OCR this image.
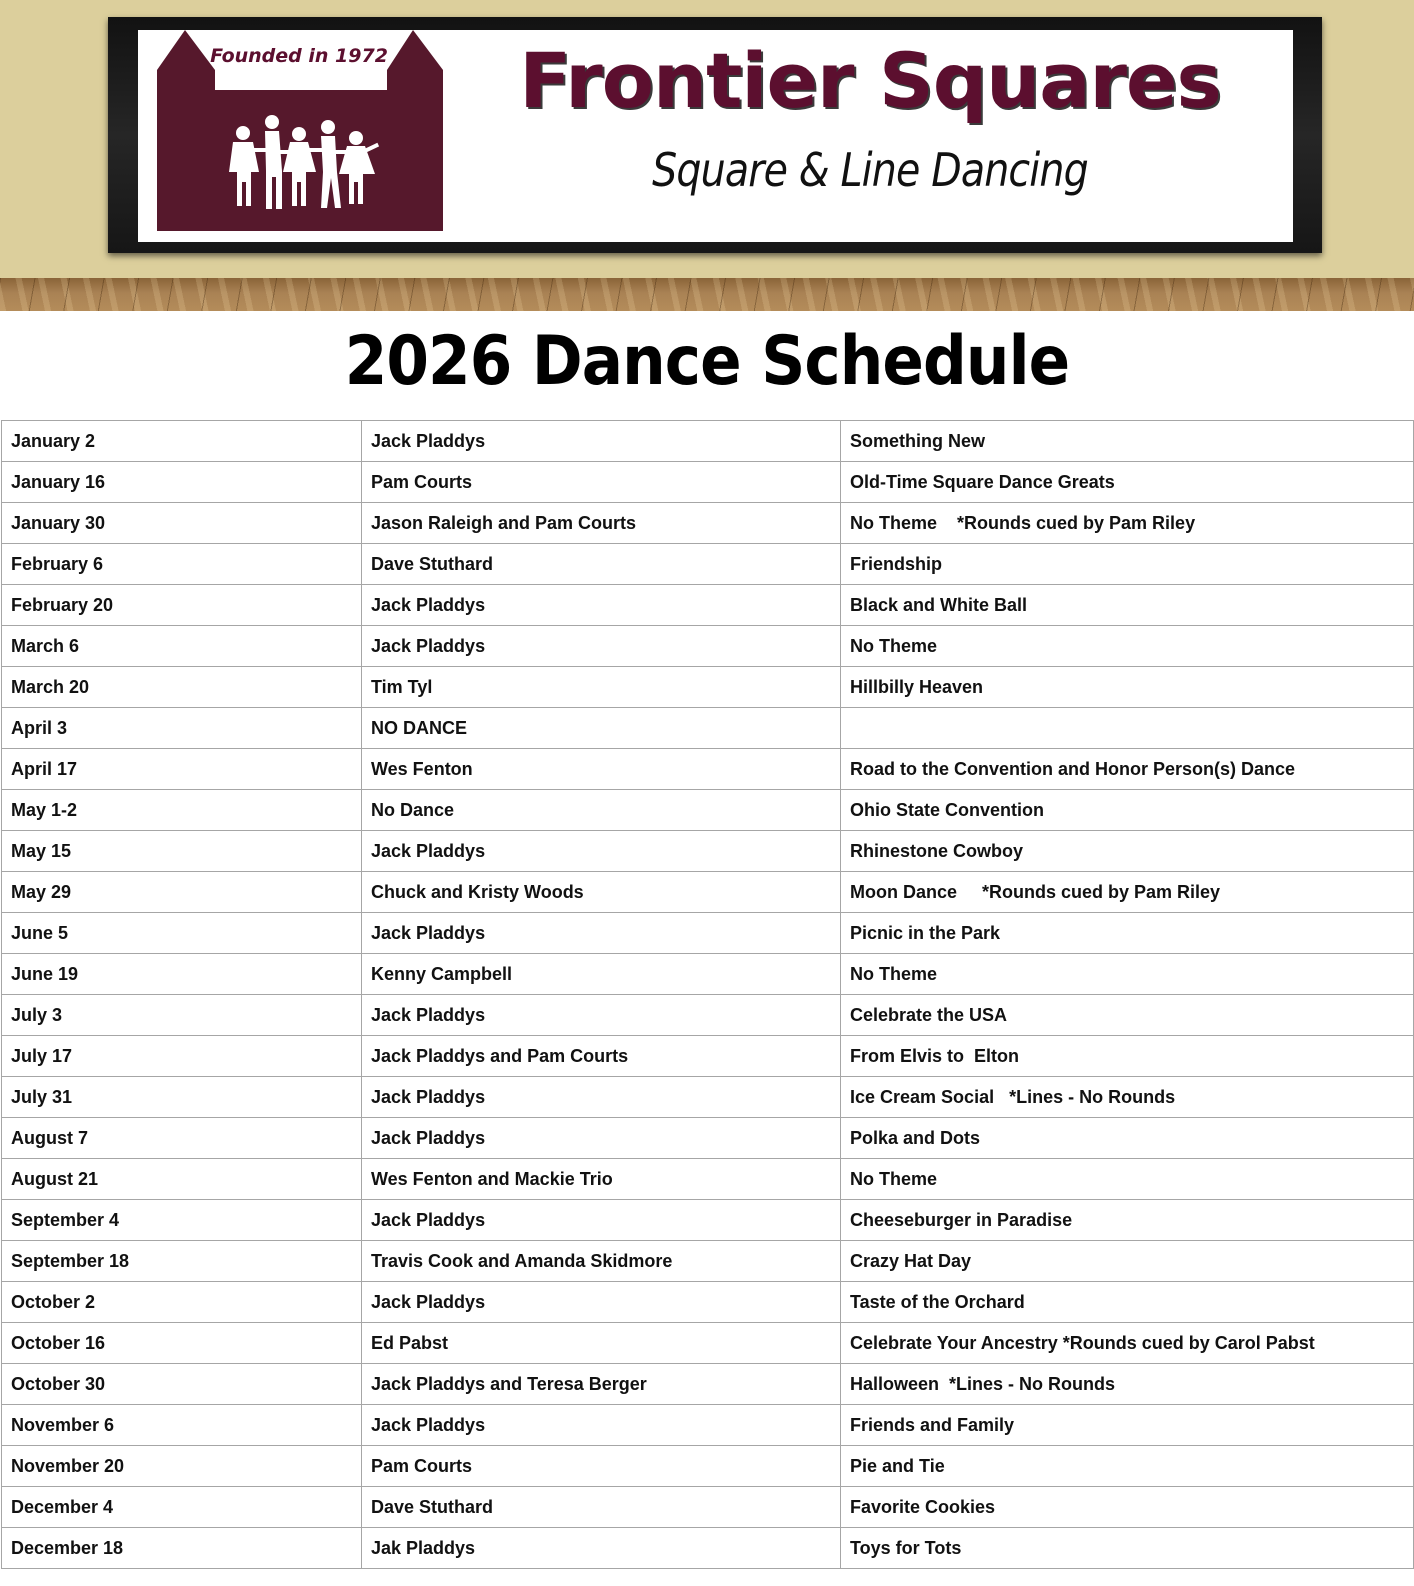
Founded in 1972	Frontier Squares
Square & Line Dancing
2026 Dance Schedule
January 2	Jack Pladdys	Something New
January 16	Pam Courts	Old-Time Square Dance Greats
January 30	Jason Raleigh and Pam Courts	No Theme    *Rounds cued by Pam Riley
February 6	Dave Stuthard	Friendship
February 20	Jack Pladdys	Black and White Ball
March 6	Jack Pladdys	No Theme
March 20	Tim Tyl	Hillbilly Heaven
April 3	NO DANCE	
April 17	Wes Fenton	Road to the Convention and Honor Person(s) Dance
May 1-2	No Dance	Ohio State Convention
May 15	Jack Pladdys	Rhinestone Cowboy
May 29	Chuck and Kristy Woods	Moon Dance     *Rounds cued by Pam Riley
June 5	Jack Pladdys	Picnic in the Park
June 19	Kenny Campbell	No Theme
July 3	Jack Pladdys	Celebrate the USA
July 17	Jack Pladdys and Pam Courts	From Elvis to  Elton
July 31	Jack Pladdys	Ice Cream Social   *Lines - No Rounds
August 7	Jack Pladdys	Polka and Dots
August 21	Wes Fenton and Mackie Trio	No Theme
September 4	Jack Pladdys	Cheeseburger in Paradise
September 18	Travis Cook and Amanda Skidmore	Crazy Hat Day
October 2	Jack Pladdys	Taste of the Orchard
October 16	Ed Pabst	Celebrate Your Ancestry *Rounds cued by Carol Pabst
October 30	Jack Pladdys and Teresa Berger	Halloween  *Lines - No Rounds
November 6	Jack Pladdys	Friends and Family
November 20	Pam Courts	Pie and Tie
December 4	Dave Stuthard	Favorite Cookies
December 18	Jak Pladdys	Toys for Tots
